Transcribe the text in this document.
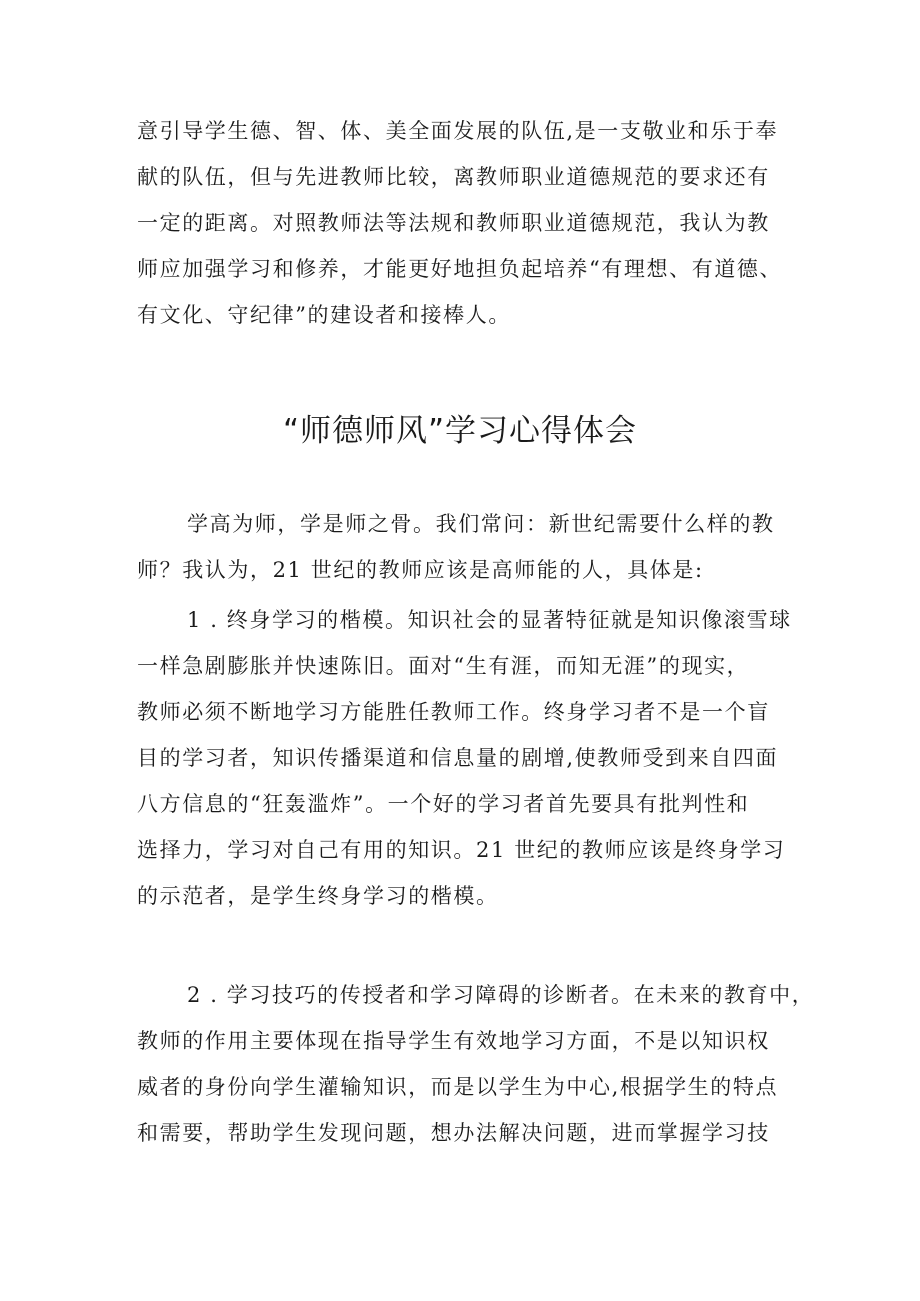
意引导学生德、智、体、美全面发展的队伍,是一支敬业和乐于奉
献的队伍，但与先进教师比较，离教师职业道德规范的要求还有
一定的距离。对照教师法等法规和教师职业道德规范，我认为教
师应加强学习和修养，才能更好地担负起培养“有理想、有道德、
有文化、守纪律”的建设者和接棒人。
“师德师风”学习心得体会
学高为师，学是师之骨。我们常问：新世纪需要什么样的教
师？我认为，21 世纪的教师应该是高师能的人，具体是:
1 . 终身学习的楷模。知识社会的显著特征就是知识像滚雪球
一样急剧膨胀并快速陈旧。面对“生有涯，而知无涯”的现实，
教师必须不断地学习方能胜任教师工作。终身学习者不是一个盲
目的学习者，知识传播渠道和信息量的剧增,使教师受到来自四面
八方信息的“狂轰滥炸”。一个好的学习者首先要具有批判性和
选择力，学习对自己有用的知识。21 世纪的教师应该是终身学习
的示范者，是学生终身学习的楷模。
2 . 学习技巧的传授者和学习障碍的诊断者。在未来的教育中，
教师的作用主要体现在指导学生有效地学习方面，不是以知识权
威者的身份向学生灌输知识，而是以学生为中心,根据学生的特点
和需要，帮助学生发现问题，想办法解决问题，进而掌握学习技
